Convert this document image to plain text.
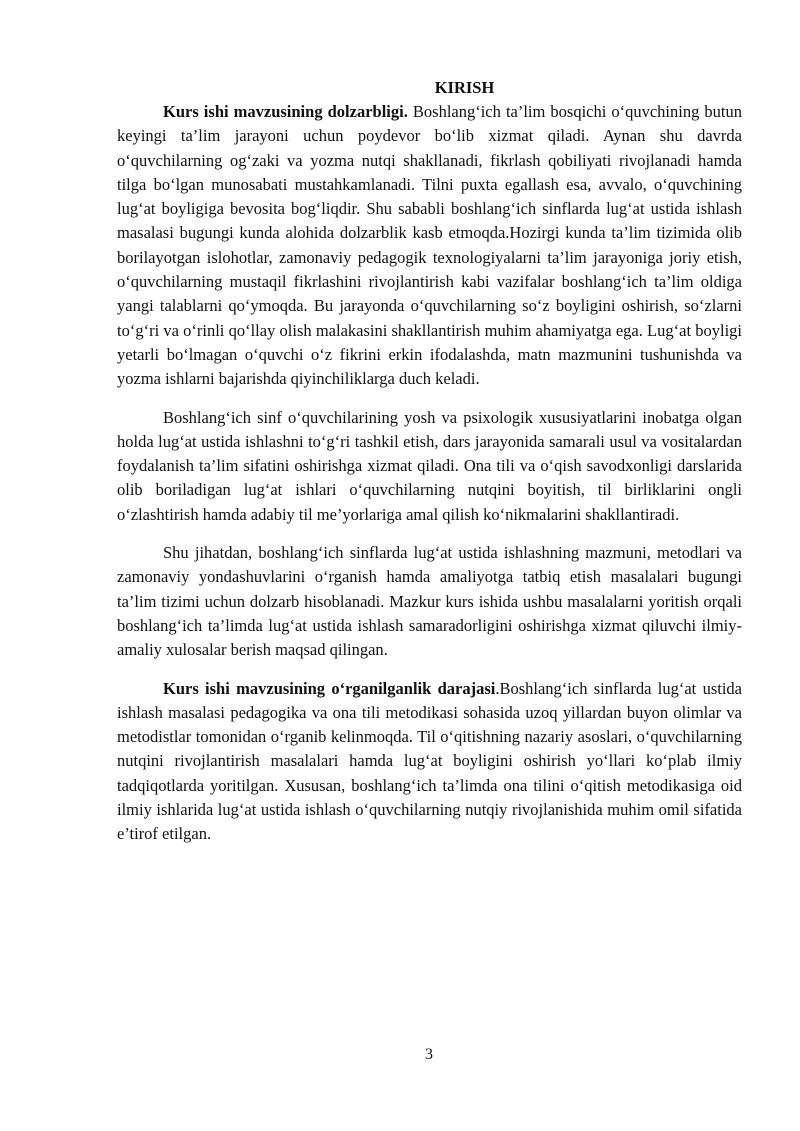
KIRISH

Kurs ishi mavzusining dolzarbligi. Boshlang‘ich ta’lim bosqichi o‘quvchining butun keyingi ta’lim jarayoni uchun poydevor bo‘lib xizmat qiladi. Aynan shu davrda o‘quvchilarning og‘zaki va yozma nutqi shakllanadi, fikrlash qobiliyati rivojlanadi hamda tilga bo‘lgan munosabati mustahkamlanadi. Tilni puxta egallash esa, avvalo, o‘quvchining lug‘at boyligiga bevosita bog‘liqdir. Shu sababli boshlang‘ich sinflarda lug‘at ustida ishlash masalasi bugungi kunda alohida dolzarblik kasb etmoqda.Hozirgi kunda ta’lim tizimida olib borilayotgan islohotlar, zamonaviy pedagogik texnologiyalarni ta’lim jarayoniga joriy etish, o‘quvchilarning mustaqil fikrlashini rivojlantirish kabi vazifalar boshlang‘ich ta’lim oldiga yangi talablarni qo‘ymoqda. Bu jarayonda o‘quvchilarning so‘z boyligini oshirish, so‘zlarni to‘g‘ri va o‘rinli qo‘llay olish malakasini shakllantirish muhim ahamiyatga ega. Lug‘at boyligi yetarli bo‘lmagan o‘quvchi o‘z fikrini erkin ifodalashda, matn mazmunini tushunishda va yozma ishlarni bajarishda qiyinchiliklarga duch keladi.

Boshlang‘ich sinf o‘quvchilarining yosh va psixologik xususiyatlarini inobatga olgan holda lug‘at ustida ishlashni to‘g‘ri tashkil etish, dars jarayonida samarali usul va vositalardan foydalanish ta’lim sifatini oshirishga xizmat qiladi. Ona tili va o‘qish savodxonligi darslarida olib boriladigan lug‘at ishlari o‘quvchilarning nutqini boyitish, til birliklarini ongli o‘zlashtirish hamda adabiy til me’yorlariga amal qilish ko‘nikmalarini shakllantiradi.

Shu jihatdan, boshlang‘ich sinflarda lug‘at ustida ishlashning mazmuni, metodlari va zamonaviy yondashuvlarini o‘rganish hamda amaliyotga tatbiq etish masalalari bugungi ta’lim tizimi uchun dolzarb hisoblanadi. Mazkur kurs ishida ushbu masalalarni yoritish orqali boshlang‘ich ta’limda lug‘at ustida ishlash samaradorligini oshirishga xizmat qiluvchi ilmiy-amaliy xulosalar berish maqsad qilingan.

Kurs ishi mavzusining o‘rganilganlik darajasi.Boshlang‘ich sinflarda lug‘at ustida ishlash masalasi pedagogika va ona tili metodikasi sohasida uzoq yillardan buyon olimlar va metodistlar tomonidan o‘rganib kelinmoqda. Til o‘qitishning nazariy asoslari, o‘quvchilarning nutqini rivojlantirish masalalari hamda lug‘at boyligini oshirish yo‘llari ko‘plab ilmiy tadqiqotlarda yoritilgan. Xususan, boshlang‘ich ta’limda ona tilini o‘qitish metodikasiga oid ilmiy ishlarida lug‘at ustida ishlash o‘quvchilarning nutqiy rivojlanishida muhim omil sifatida e’tirof etilgan.

3
